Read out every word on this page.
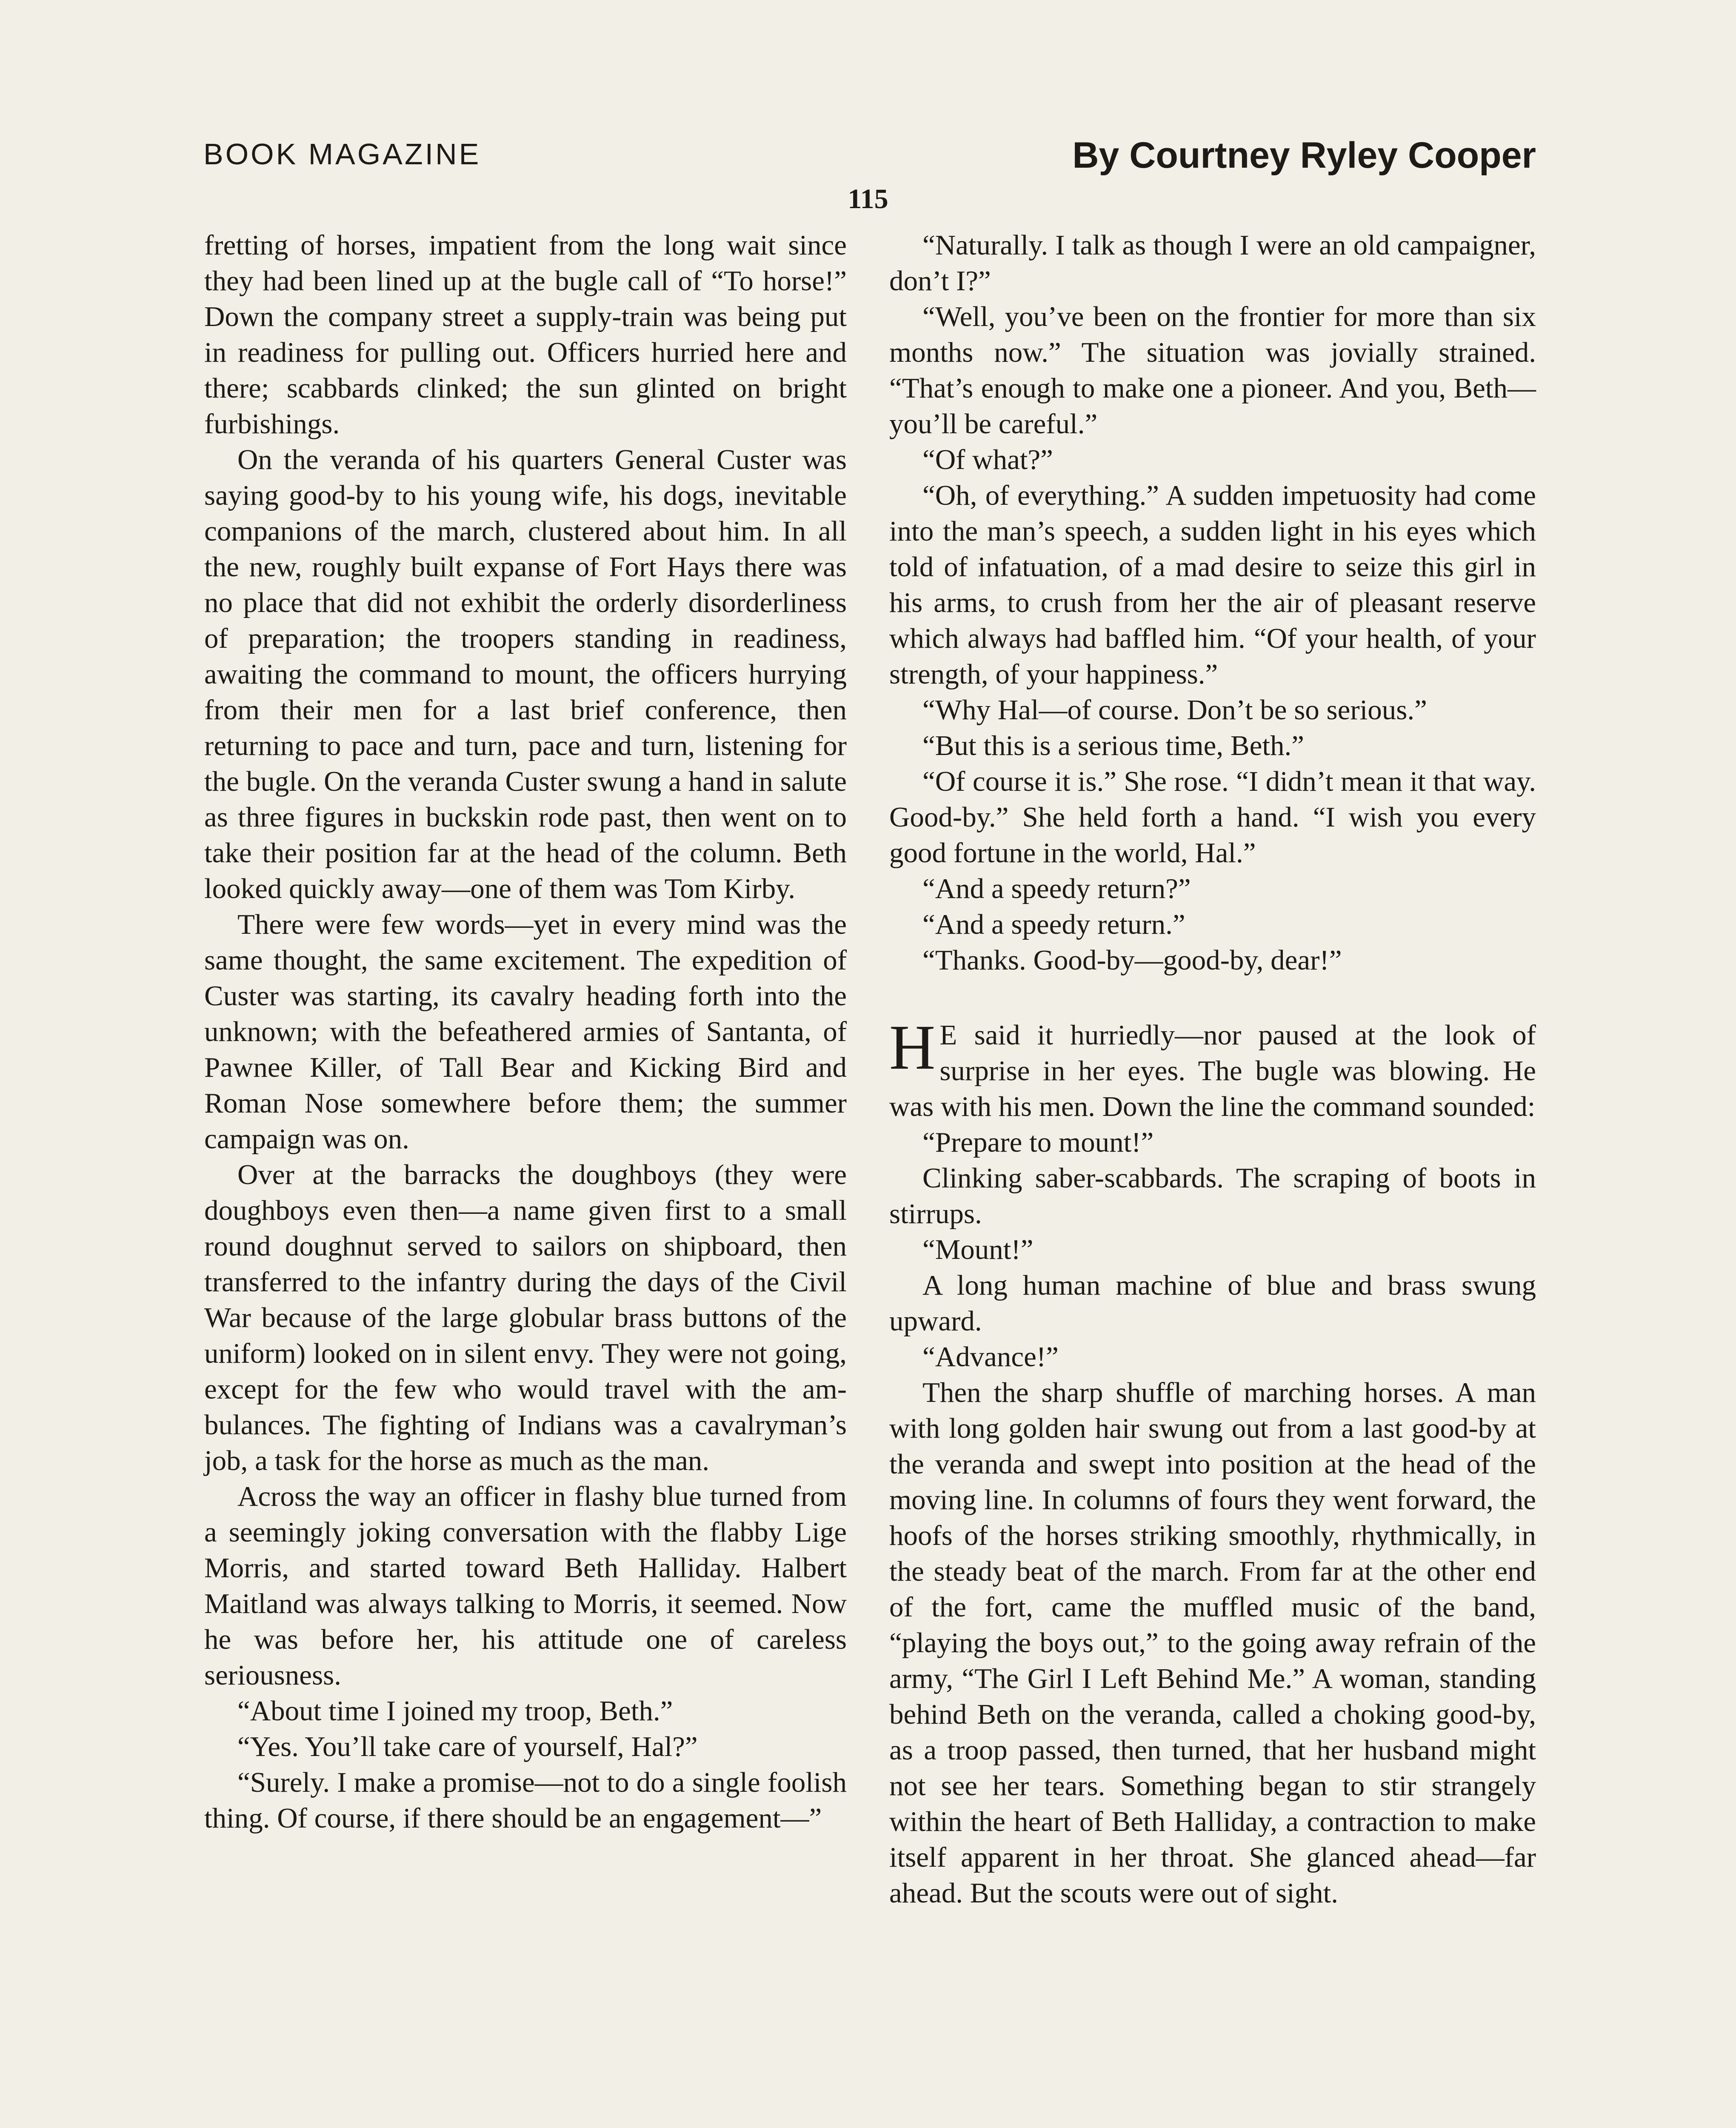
BOOK MAGAZINE	By Courtney Ryley Cooper
115

fretting of horses, impatient from the long wait since they had been lined up at the bugle call of “To horse!” Down the company street a supply-train was being put in readiness for pulling out. Officers hurried here and there; scabbards clinked; the sun glinted on bright furbishings.

On the veranda of his quarters General Custer was saying good-by to his young wife, his dogs, inevitable companions of the march, clustered about him. In all the new, roughly built expanse of Fort Hays there was no place that did not exhibit the orderly disorderliness of preparation; the troopers standing in readiness, awaiting the command to mount, the officers hurrying from their men for a last brief conference, then returning to pace and turn, pace and turn, listening for the bugle. On the veranda Custer swung a hand in salute as three figures in buckskin rode past, then went on to take their position far at the head of the column. Beth looked quickly away—one of them was Tom Kirby.

There were few words—yet in every mind was the same thought, the same excitement. The expedition of Custer was starting, its cavalry heading forth into the unknown; with the befeathered armies of Santanta, of Pawnee Killer, of Tall Bear and Kicking Bird and Roman Nose somewhere before them; the summer campaign was on.

Over at the barracks the doughboys (they were doughboys even then—a name given first to a small round doughnut served to sailors on shipboard, then transferred to the infantry during the days of the Civil War because of the large globular brass buttons of the uniform) looked on in silent envy. They were not going, except for the few who would travel with the ambulances. The fighting of Indians was a cavalryman’s job, a task for the horse as much as the man.

Across the way an officer in flashy blue turned from a seemingly joking conversation with the flabby Lige Morris, and started toward Beth Halliday. Halbert Maitland was always talking to Morris, it seemed. Now he was before her, his attitude one of careless seriousness.

“About time I joined my troop, Beth.”

“Yes. You’ll take care of yourself, Hal?”

“Surely. I make a promise—not to do a single foolish thing. Of course, if there should be an engagement—”

“Naturally. I talk as though I were an old campaigner, don’t I?”

“Well, you’ve been on the frontier for more than six months now.” The situation was jovially strained. “That’s enough to make one a pioneer. And you, Beth—you’ll be careful.”

“Of what?”

“Oh, of everything.” A sudden impetuosity had come into the man’s speech, a sudden light in his eyes which told of infatuation, of a mad desire to seize this girl in his arms, to crush from her the air of pleasant reserve which always had baffled him. “Of your health, of your strength, of your happiness.”

“Why Hal—of course. Don’t be so serious.”

“But this is a serious time, Beth.”

“Of course it is.” She rose. “I didn’t mean it that way. Good-by.” She held forth a hand. “I wish you every good fortune in the world, Hal.”

“And a speedy return?”

“And a speedy return.”

“Thanks. Good-by—good-by, dear!”

H E said it hurriedly—nor paused at the look of surprise in her eyes. The bugle was blowing. He was with his men. Down the line the command sounded:

“Prepare to mount!”

Clinking saber-scabbards. The scraping of boots in stirrups.

“Mount!”

A long human machine of blue and brass swung upward.

“Advance!”

Then the sharp shuffle of marching horses. A man with long golden hair swung out from a last good-by at the veranda and swept into position at the head of the moving line. In columns of fours they went forward, the hoofs of the horses striking smoothly, rhythmically, in the steady beat of the march. From far at the other end of the fort, came the muffled music of the band, “playing the boys out,” to the going away refrain of the army, “The Girl I Left Behind Me.” A woman, standing behind Beth on the veranda, called a choking good-by, as a troop passed, then turned, that her husband might not see her tears. Something began to stir strangely within the heart of Beth Halliday, a contraction to make itself apparent in her throat. She glanced ahead—far ahead. But the scouts were out of sight.
